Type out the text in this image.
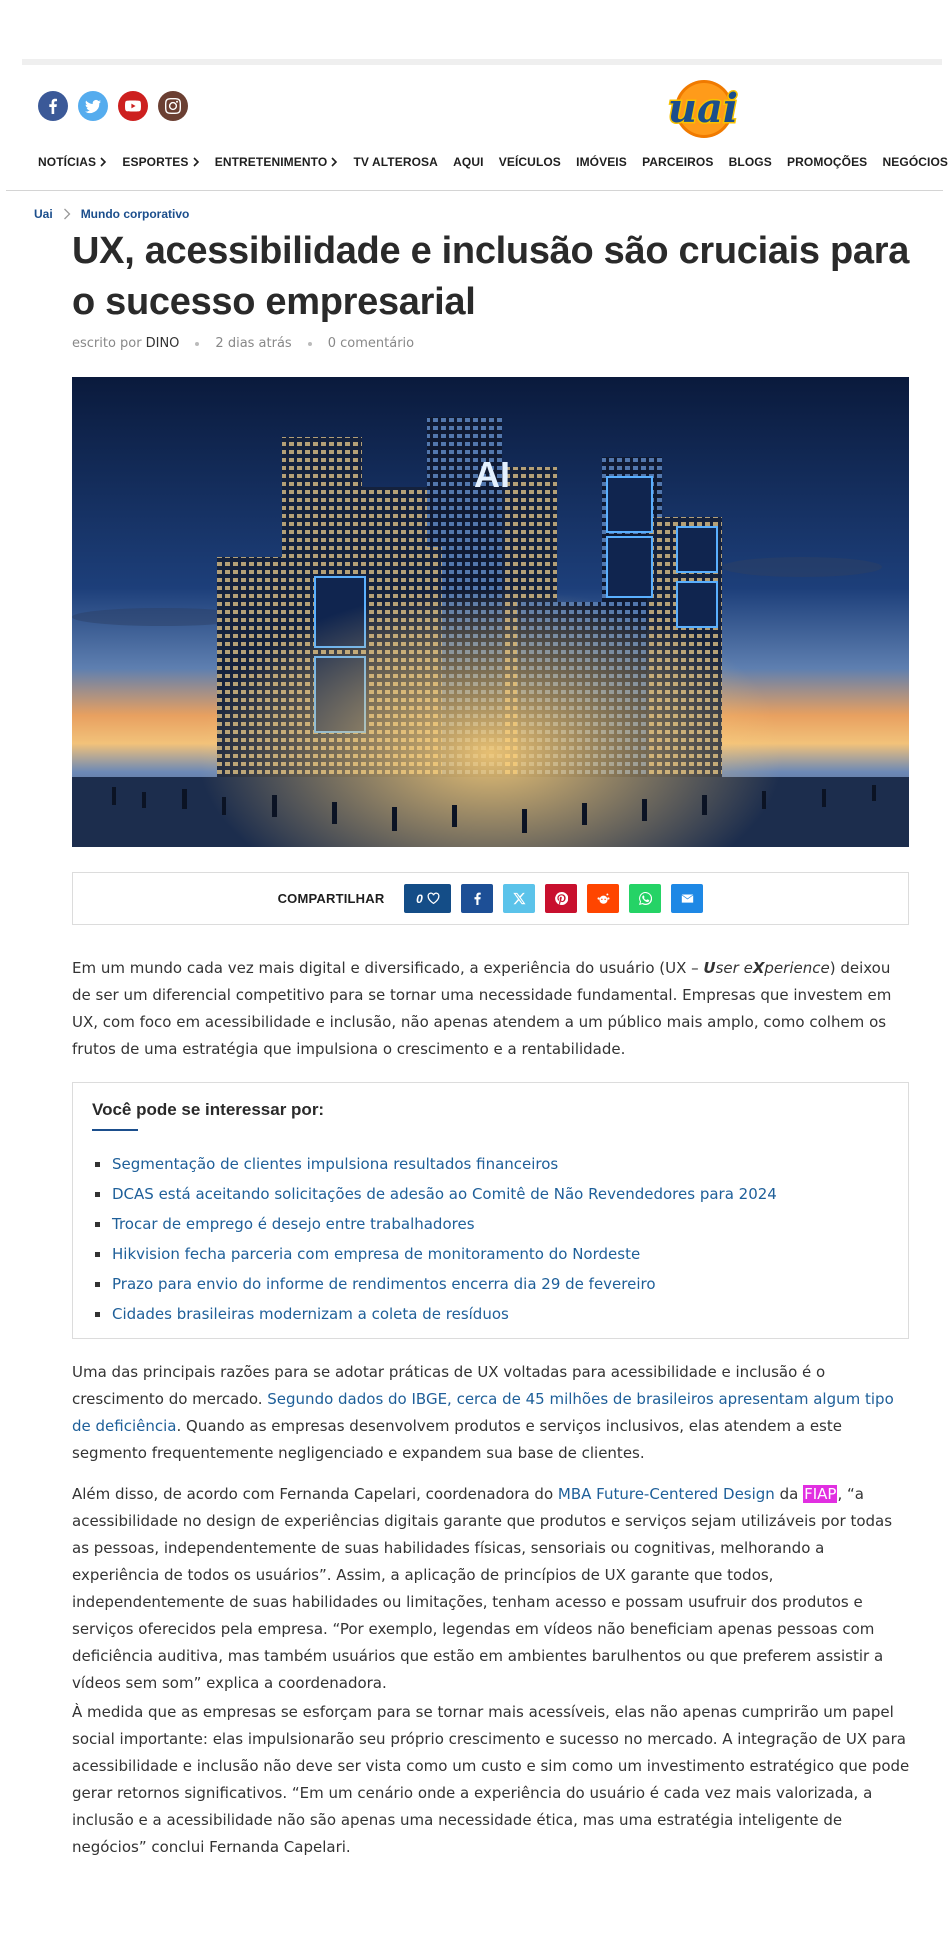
uai
NOTÍCIAS ESPORTES ENTRETENIMENTO TV ALTEROSA AQUI VEÍCULOS IMÓVEIS PARCEIROS BLOGS PROMOÇÕES NEGÓCIOS
Uai Mundo corporativo
UX, acessibilidade e inclusão são cruciais para o sucesso empresarial
escrito por DINO	2 dias atrás	0 comentário
COMPARTILHAR	0

Em um mundo cada vez mais digital e diversificado, a experiência do usuário (UX – User eXperience) deixou de ser um diferencial competitivo para se tornar uma necessidade fundamental. Empresas que investem em UX, com foco em acessibilidade e inclusão, não apenas atendem a um público mais amplo, como colhem os frutos de uma estratégia que impulsiona o crescimento e a rentabilidade.

Você pode se interessar por:
Segmentação de clientes impulsiona resultados financeiros
DCAS está aceitando solicitações de adesão ao Comitê de Não Revendedores para 2024
Trocar de emprego é desejo entre trabalhadores
Hikvision fecha parceria com empresa de monitoramento do Nordeste
Prazo para envio do informe de rendimentos encerra dia 29 de fevereiro
Cidades brasileiras modernizam a coleta de resíduos

Uma das principais razões para se adotar práticas de UX voltadas para acessibilidade e inclusão é o crescimento do mercado. Segundo dados do IBGE, cerca de 45 milhões de brasileiros apresentam algum tipo de deficiência. Quando as empresas desenvolvem produtos e serviços inclusivos, elas atendem a este segmento frequentemente negligenciado e expandem sua base de clientes.

Além disso, de acordo com Fernanda Capelari, coordenadora do MBA Future-Centered Design da FIAP, “a acessibilidade no design de experiências digitais garante que produtos e serviços sejam utilizáveis por todas as pessoas, independentemente de suas habilidades físicas, sensoriais ou cognitivas, melhorando a experiência de todos os usuários”. Assim, a aplicação de princípios de UX garante que todos, independentemente de suas habilidades ou limitações, tenham acesso e possam usufruir dos produtos e serviços oferecidos pela empresa. “Por exemplo, legendas em vídeos não beneficiam apenas pessoas com deficiência auditiva, mas também usuários que estão em ambientes barulhentos ou que preferem assistir a vídeos sem som” explica a coordenadora.

À medida que as empresas se esforçam para se tornar mais acessíveis, elas não apenas cumprirão um papel social importante: elas impulsionarão seu próprio crescimento e sucesso no mercado. A integração de UX para acessibilidade e inclusão não deve ser vista como um custo e sim como um investimento estratégico que pode gerar retornos significativos. “Em um cenário onde a experiência do usuário é cada vez mais valorizada, a inclusão e a acessibilidade não são apenas uma necessidade ética, mas uma estratégia inteligente de negócios” conclui Fernanda Capelari.
